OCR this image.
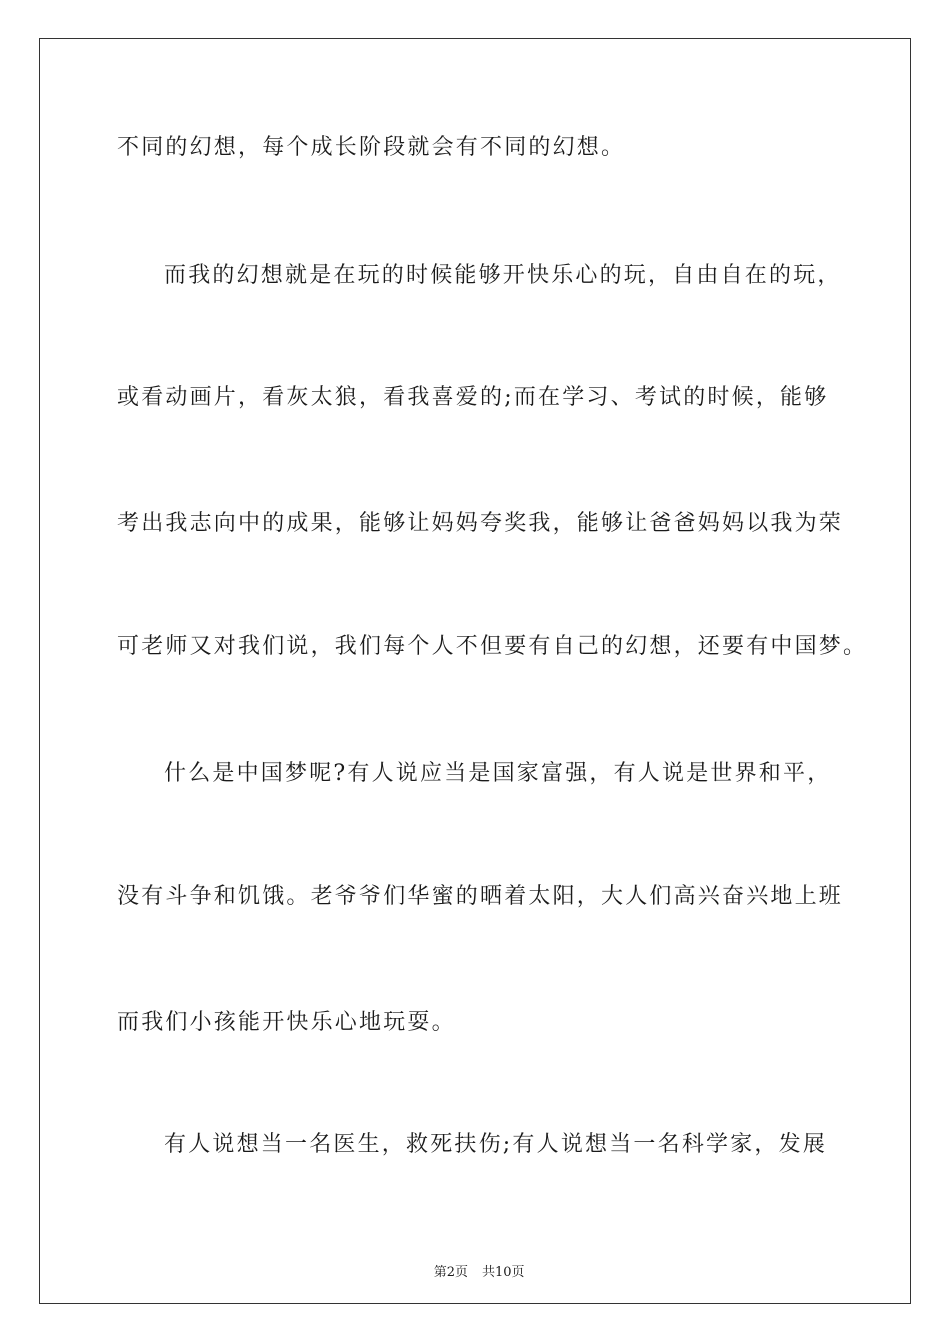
不同的幻想，每个成长阶段就会有不同的幻想。
而我的幻想就是在玩的时候能够开快乐心的玩，自由自在的玩，
或看动画片，看灰太狼，看我喜爱的;而在学习、考试的时候，能够
考出我志向中的成果，能够让妈妈夸奖我，能够让爸爸妈妈以我为荣
可老师又对我们说，我们每个人不但要有自己的幻想，还要有中国梦。
什么是中国梦呢?有人说应当是国家富强，有人说是世界和平，
没有斗争和饥饿。老爷爷们华蜜的晒着太阳，大人们高兴奋兴地上班
而我们小孩能开快乐心地玩耍。
有人说想当一名医生，救死扶伤;有人说想当一名科学家，发展

第2页 共10页
